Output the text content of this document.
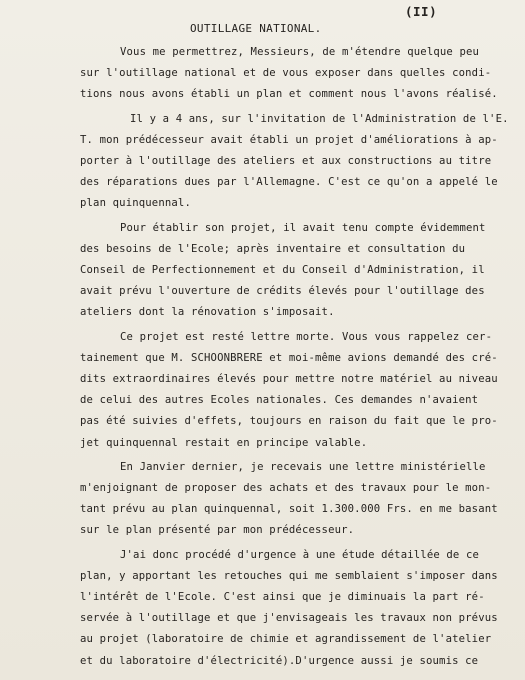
(II)
OUTILLAGE NATIONAL.
Vous me permettrez, Messieurs, de m'étendre quelque peu
sur l'outillage national et de vous exposer dans quelles condi-
tions nous avons établi un plan et comment nous l'avons réalisé.
Il y a 4 ans, sur l'invitation de l'Administration de l'E.
T. mon prédécesseur avait établi un projet d'améliorations à ap-
porter à l'outillage des ateliers et aux constructions au titre
des réparations dues par l'Allemagne. C'est ce qu'on a appelé le
plan quinquennal.
Pour établir son projet, il avait tenu compte évidemment
des besoins de l'Ecole; après inventaire et consultation du
Conseil de Perfectionnement et du Conseil d'Administration, il
avait prévu l'ouverture de crédits élevés pour l'outillage des
ateliers dont la rénovation s'imposait.
Ce projet est resté lettre morte. Vous vous rappelez cer-
tainement que M. SCHOONBRERE et moi-même avions demandé des cré-
dits extraordinaires élevés pour mettre notre matériel au niveau
de celui des autres Ecoles nationales. Ces demandes n'avaient
pas été suivies d'effets, toujours en raison du fait que le pro-
jet quinquennal restait en principe valable.
En Janvier dernier, je recevais une lettre ministérielle
m'enjoignant de proposer des achats et des travaux pour le mon-
tant prévu au plan quinquennal, soit 1.300.000 Frs. en me basant
sur le plan présenté par mon prédécesseur.
J'ai donc procédé d'urgence à une étude détaillée de ce
plan, y apportant les retouches qui me semblaient s'imposer dans
l'intérêt de l'Ecole. C'est ainsi que je diminuais la part ré-
servée à l'outillage et que j'envisageais les travaux non prévus
au projet (laboratoire de chimie et agrandissement de l'atelier
et du laboratoire d'électricité).D'urgence aussi je soumis ce
